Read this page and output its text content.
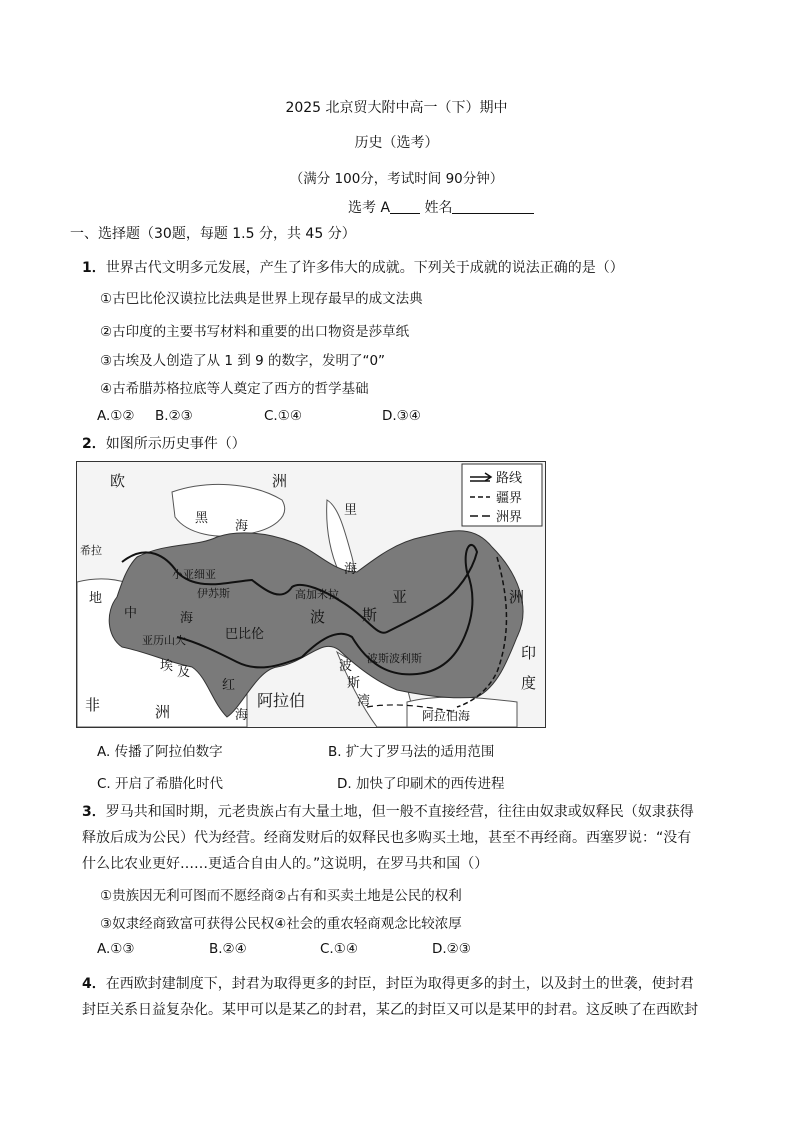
2025 北京贸大附中高一（下）期中
历史（选考）
（满分 100分，考试时间 90分钟）
选考 A 姓名
一、选择题（30题，每题 1.5 分，共 45 分）
1．世界古代文明多元发展，产生了许多伟大的成就。下列关于成就的说法正确的是（）
①古巴比伦汉谟拉比法典是世界上现存最早的成文法典
②古印度的主要书写材料和重要的出口物资是莎草纸
③古埃及人创造了从 1 到 9 的数字，发明了“0”
④古希腊苏格拉底等人奠定了西方的哲学基础
A.①② B.②③	C.①④	D.③④
2．如图所示历史事件（）
路线
疆界
洲界
欧	洲
黑
海
里
海
希拉
小亚细亚
伊苏斯	高加米拉
地
中	海
亚历山大	巴比伦
波 斯
亚
波斯波利斯
埃 及
红
海
阿拉伯
波
斯
湾
阿拉伯海
洲
印
度
非	洲
A. 传播了阿拉伯数字	B. 扩大了罗马法的适用范围
C. 开启了希腊化时代	D. 加快了印刷术的西传进程
3．罗马共和国时期，元老贵族占有大量土地，但一般不直接经营，往往由奴隶或奴释民（奴隶获得释放后成为公民）代为经营。经商发财后的奴释民也多购买土地，甚至不再经商。西塞罗说：“没有什么比农业更好……更适合自由人的。”这说明，在罗马共和国（）
①贵族因无利可图而不愿经商②占有和买卖土地是公民的权利
③奴隶经商致富可获得公民权④社会的重农轻商观念比较浓厚
A.①③	B.②④	C.①④	D.②③
4．在西欧封建制度下，封君为取得更多的封臣，封臣为取得更多的封土，以及封土的世袭，使封君封臣关系日益复杂化。某甲可以是某乙的封君，某乙的封臣又可以是某甲的封君。这反映了在西欧封
